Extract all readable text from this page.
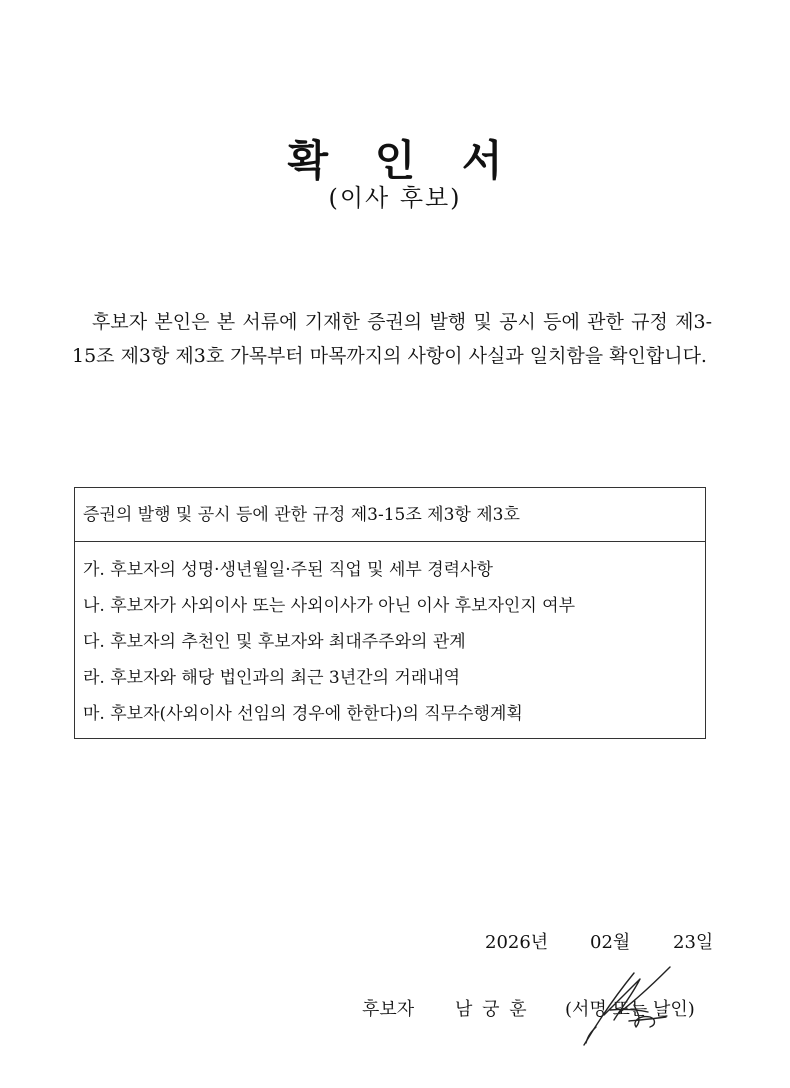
확 인 서
(이사 후보)
후보자 본인은 본 서류에 기재한 증권의 발행 및 공시 등에 관한 규정 제3-15조 제3항 제3호 가목부터 마목까지의 사항이 사실과 일치함을 확인합니다.
증권의 발행 및 공시 등에 관한 규정 제3-15조 제3항 제3호
가. 후보자의 성명·생년월일·주된 직업 및 세부 경력사항
나. 후보자가 사외이사 또는 사외이사가 아닌 이사 후보자인지 여부
다. 후보자의 추천인 및 후보자와 최대주주와의 관계
라. 후보자와 해당 법인과의 최근 3년간의 거래내역
마. 후보자(사외이사 선임의 경우에 한한다)의 직무수행계획
2026년 02월 23일
후보자 남 궁 훈 (서명 또는 날인)
